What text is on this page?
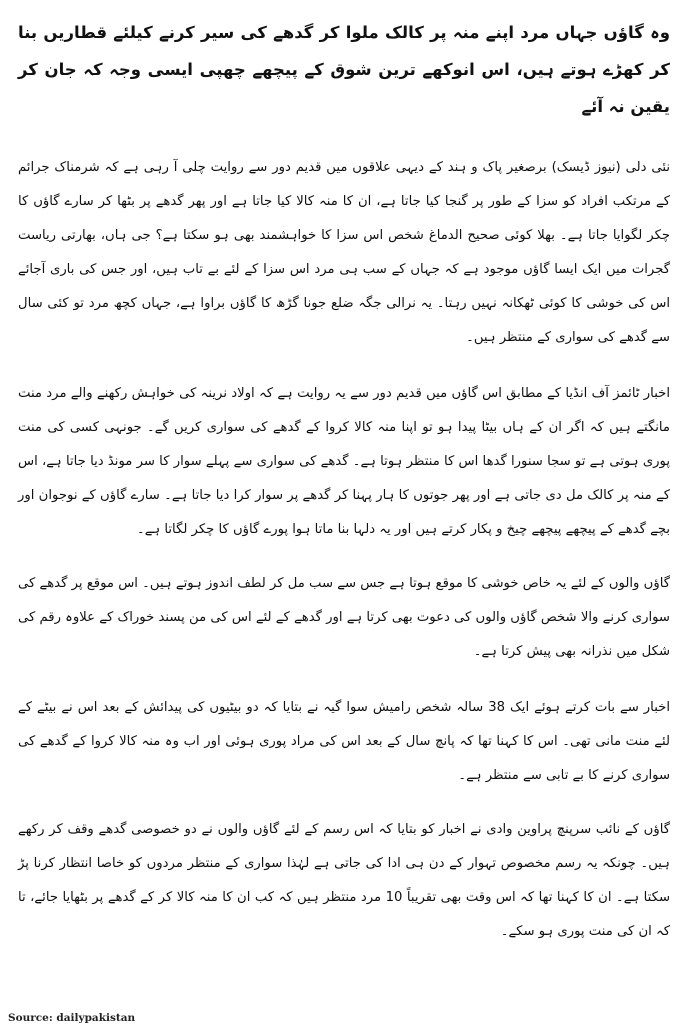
وہ گاؤں جہاں مرد اپنے منہ پر کالک ملوا کر گدھے کی سیر کرنے کیلئے قطاریں بنا کر کھڑے ہوتے ہیں، اس انوکھے ترین شوق کے پیچھے چھپی ایسی وجہ کہ جان کر یقین نہ آئے

نئی دلی (نیوز ڈیسک) برصغیر پاک و ہند کے دیہی علاقوں میں قدیم دور سے روایت چلی آ رہی ہے کہ شرمناک جرائم کے مرتکب افراد کو سزا کے طور پر گنجا کیا جاتا ہے، ان کا منہ کالا کیا جاتا ہے اور پھر گدھے پر بٹھا کر سارے گاؤں کا چکر لگوایا جاتا ہے۔ بھلا کوئی صحیح الدماغ شخص اس سزا کا خواہشمند بھی ہو سکتا ہے؟ جی ہاں، بھارتی ریاست گجرات میں ایک ایسا گاؤں موجود ہے کہ جہاں کے سب ہی مرد اس سزا کے لئے بے تاب ہیں، اور جس کی باری آجائے اس کی خوشی کا کوئی ٹھکانہ نہیں رہتا۔ یہ نرالی جگہ ضلع جونا گڑھ کا گاؤں براوا ہے، جہاں کچھ مرد تو کئی سال سے گدھے کی سواری کے منتظر ہیں۔

اخبار ٹائمز آف انڈیا کے مطابق اس گاؤں میں قدیم دور سے یہ روایت ہے کہ اولاد نرینہ کی خواہش رکھنے والے مرد منت مانگتے ہیں کہ اگر ان کے ہاں بیٹا پیدا ہو تو اپنا منہ کالا کروا کے گدھے کی سواری کریں گے۔ جونہی کسی کی منت پوری ہوتی ہے تو سجا سنورا گدھا اس کا منتظر ہوتا ہے۔ گدھے کی سواری سے پہلے سوار کا سر مونڈ دیا جاتا ہے، اس کے منہ پر کالک مل دی جاتی ہے اور پھر جوتوں کا ہار پہنا کر گدھے پر سوار کرا دیا جاتا ہے۔ سارے گاؤں کے نوجوان اور بچے گدھے کے پیچھے پیچھے چیخ و پکار کرتے ہیں اور یہ دلہا بنا ماتا ہوا پورے گاؤں کا چکر لگاتا ہے۔

گاؤں والوں کے لئے یہ خاص خوشی کا موقع ہوتا ہے جس سے سب مل کر لطف اندوز ہوتے ہیں۔ اس موقع پر گدھے کی سواری کرنے والا شخص گاؤں والوں کی دعوت بھی کرتا ہے اور گدھے کے لئے اس کی من پسند خوراک کے علاوہ رقم کی شکل میں نذرانہ بھی پیش کرتا ہے۔

اخبار سے بات کرتے ہوئے ایک 38 سالہ شخص رامیش سوا گیہ نے بتایا کہ دو بیٹیوں کی پیدائش کے بعد اس نے بیٹے کے لئے منت مانی تھی۔ اس کا کہنا تھا کہ پانچ سال کے بعد اس کی مراد پوری ہوئی اور اب وہ منہ کالا کروا کے گدھے کی سواری کرنے کا بے تابی سے منتظر ہے۔

گاؤں کے نائب سرپنچ پراوین وادی نے اخبار کو بتایا کہ اس رسم کے لئے گاؤں والوں نے دو خصوصی گدھے وقف کر رکھے ہیں۔ چونکہ یہ رسم مخصوص تہوار کے دن ہی ادا کی جاتی ہے لہٰذا سواری کے منتظر مردوں کو خاصا انتظار کرنا پڑ سکتا ہے۔ ان کا کہنا تھا کہ اس وقت بھی تقریباً 10 مرد منتظر ہیں کہ کب ان کا منہ کالا کر کے گدھے پر بٹھایا جائے، تا کہ ان کی منت پوری ہو سکے۔

Source: dailypakistan
